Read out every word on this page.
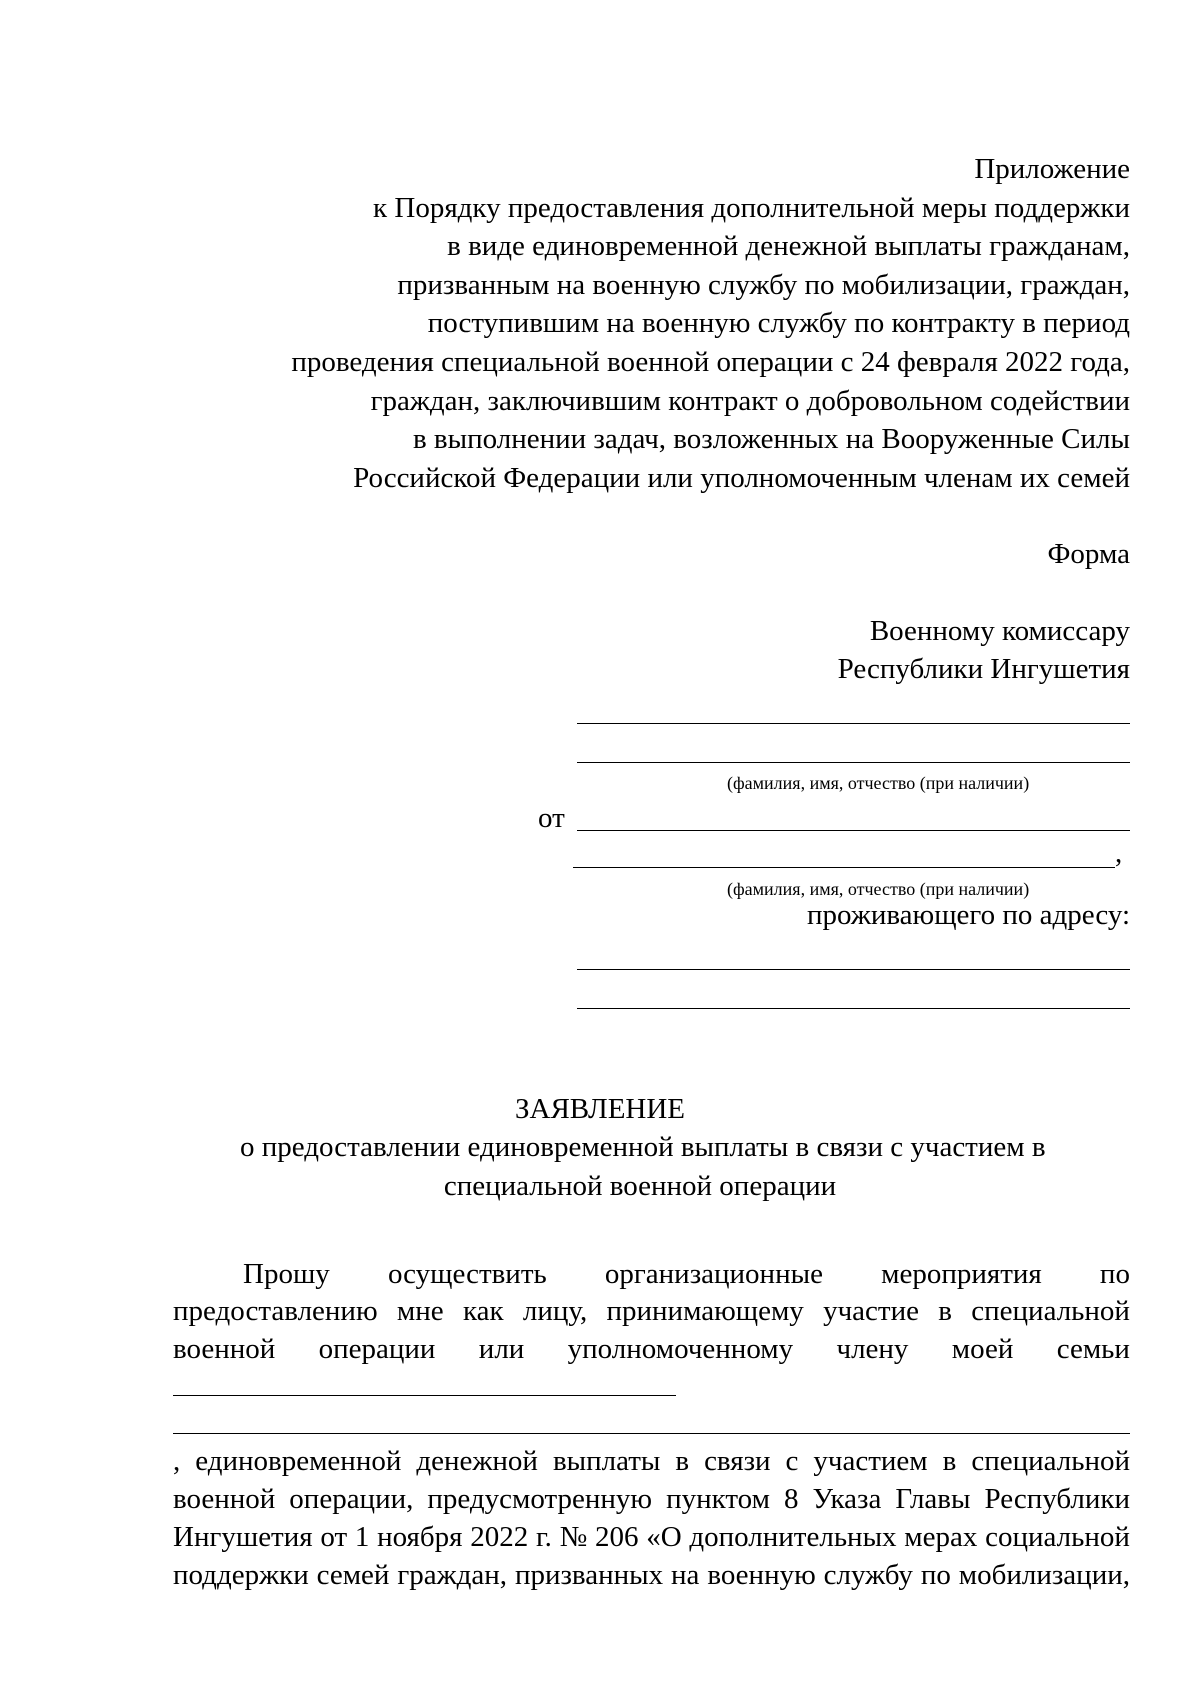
Приложение
к Порядку предоставления дополнительной меры поддержки
в виде единовременной денежной выплаты гражданам,
призванным на военную службу по мобилизации, граждан,
поступившим на военную службу по контракту в период
проведения специальной военной операции с 24 февраля 2022 года,
граждан, заключившим контракт о добровольном содействии
в выполнении задач, возложенных на Вооруженные Силы
Российской Федерации или уполномоченным членам их семей
Форма
Военному комиссару
Республики Ингушетия
(фамилия, имя, отчество (при наличии)
от
,
(фамилия, имя, отчество (при наличии)
проживающего по адресу:
ЗАЯВЛЕНИЕ
о предоставлении единовременной выплаты в связи с участием в
специальной военной операции
Прошу осуществить организационные мероприятия по
предоставлению мне как лицу, принимающему участие в специальной
военной операции или уполномоченному члену моей семьи
, единовременной денежной выплаты в связи с участием в специальной
военной операции, предусмотренную пунктом 8 Указа Главы Республики
Ингушетия от 1 ноября 2022 г. № 206 «О дополнительных мерах социальной
поддержки семей граждан, призванных на военную службу по мобилизации,
